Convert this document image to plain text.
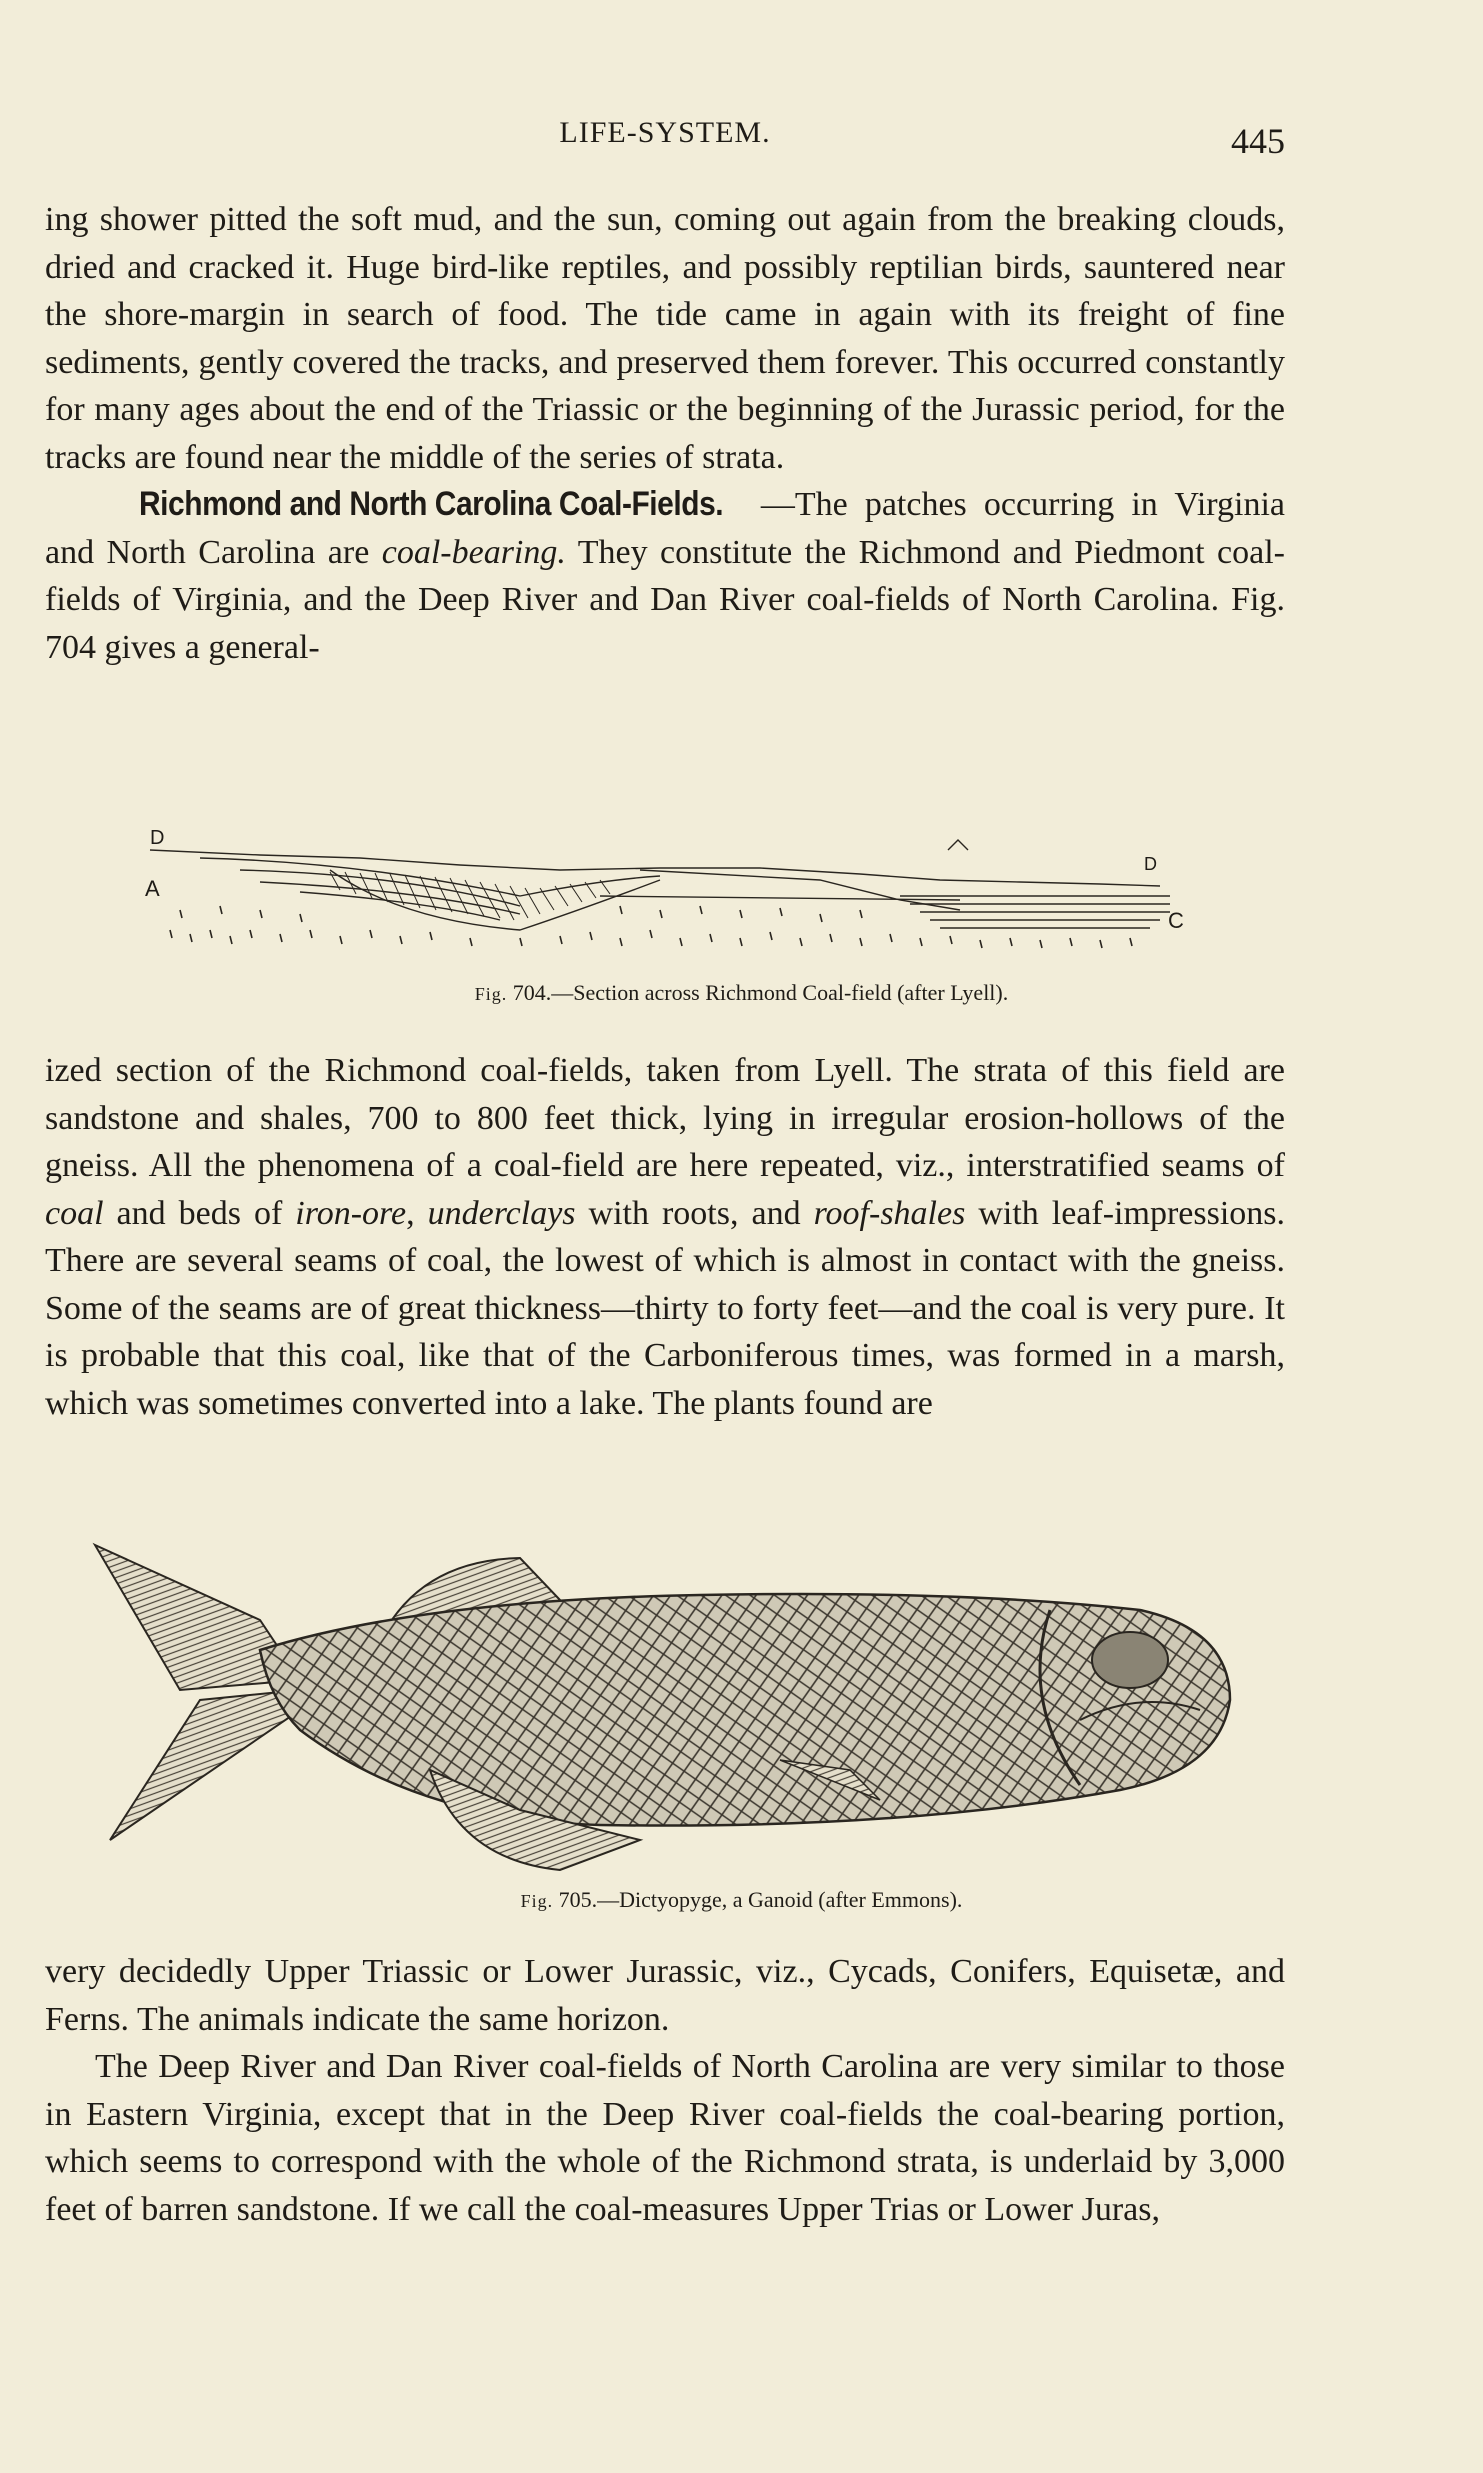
LIFE-SYSTEM.	445

ing shower pitted the soft mud, and the sun, coming out again from the breaking clouds, dried and cracked it. Huge bird-like reptiles, and possibly reptilian birds, sauntered near the shore-margin in search of food. The tide came in again with its freight of fine sediments, gently covered the tracks, and preserved them forever. This occurred constantly for many ages about the end of the Triassic or the beginning of the Jurassic period, for the tracks are found near the middle of the series of strata.

Richmond and North Carolina Coal-Fields. —The patches occurring in Virginia and North Carolina are coal-bearing. They constitute the Richmond and Piedmont coal-fields of Virginia, and the Deep River and Dan River coal-fields of North Carolina. Fig. 704 gives a general-

D
A
D
C
Fig. 704.—Section across Richmond Coal-field (after Lyell).

ized section of the Richmond coal-fields, taken from Lyell. The strata of this field are sandstone and shales, 700 to 800 feet thick, lying in irregular erosion-hollows of the gneiss. All the phenomena of a coal-field are here repeated, viz., interstratified seams of coal and beds of iron-ore, underclays with roots, and roof-shales with leaf-impressions. There are several seams of coal, the lowest of which is almost in contact with the gneiss. Some of the seams are of great thickness—thirty to forty feet—and the coal is very pure. It is probable that this coal, like that of the Carboniferous times, was formed in a marsh, which was sometimes converted into a lake. The plants found are

Fig. 705.—Dictyopyge, a Ganoid (after Emmons).

very decidedly Upper Triassic or Lower Jurassic, viz., Cycads, Conifers, Equisetæ, and Ferns. The animals indicate the same horizon.

The Deep River and Dan River coal-fields of North Carolina are very similar to those in Eastern Virginia, except that in the Deep River coal-fields the coal-bearing portion, which seems to correspond with the whole of the Richmond strata, is underlaid by 3,000 feet of barren sandstone. If we call the coal-measures Upper Trias or Lower Juras,
